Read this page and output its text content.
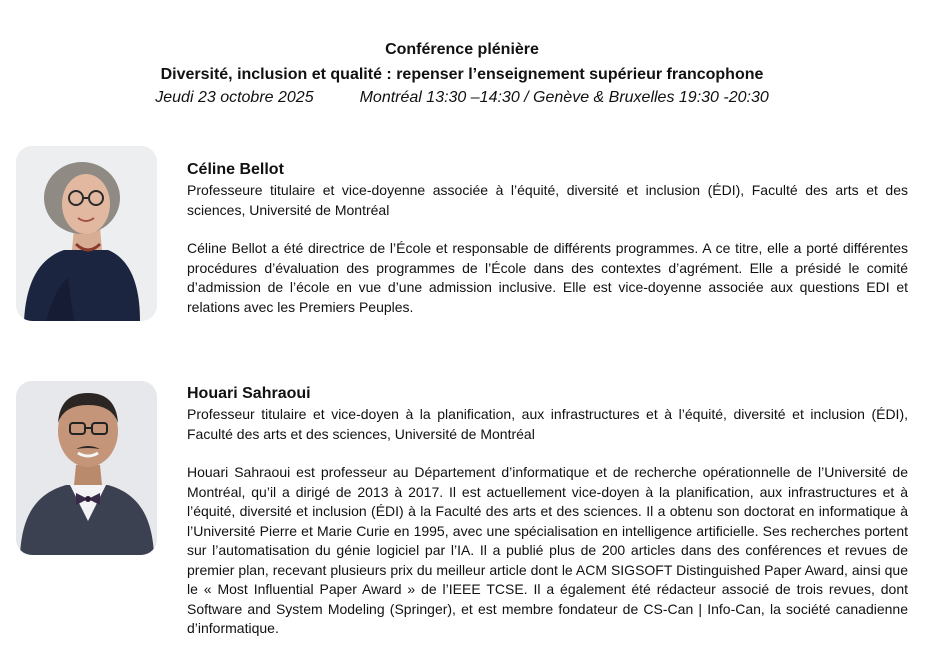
Conférence plénière
Diversité, inclusion et qualité : repenser l’enseignement supérieur francophone
Jeudi 23 octobre 2025	Montréal 13:30 –14:30 / Genève & Bruxelles 19:30 -20:30
Céline Bellot
Professeure titulaire et vice-doyenne associée à l’équité, diversité et inclusion (ÉDI), Faculté des arts et des sciences, Université de Montréal
Céline Bellot a été directrice de l’École et responsable de différents programmes. A ce titre, elle a porté différentes procédures d’évaluation des programmes de l’École dans des contextes d’agrément. Elle a présidé le comité d’admission de l’école en vue d’une admission inclusive. Elle est vice-doyenne associée aux questions EDI et relations avec les Premiers Peuples.
Houari Sahraoui
Professeur titulaire et vice-doyen à la planification, aux infrastructures et à l’équité, diversité et inclusion (ÉDI), Faculté des arts et des sciences, Université de Montréal
Houari Sahraoui est professeur au Département d’informatique et de recherche opérationnelle de l’Université de Montréal, qu’il a dirigé de 2013 à 2017. Il est actuellement vice-doyen à la planification, aux infrastructures et à l’équité, diversité et inclusion (ÉDI) à la Faculté des arts et des sciences. Il a obtenu son doctorat en informatique à l’Université Pierre et Marie Curie en 1995, avec une spécialisation en intelligence artificielle. Ses recherches portent sur l’automatisation du génie logiciel par l’IA. Il a publié plus de 200 articles dans des conférences et revues de premier plan, recevant plusieurs prix du meilleur article dont le ACM SIGSOFT Distinguished Paper Award, ainsi que le « Most Influential Paper Award » de l’IEEE TCSE. Il a également été rédacteur associé de trois revues, dont Software and System Modeling (Springer), et est membre fondateur de CS-Can | Info-Can, la société canadienne d’informatique.
